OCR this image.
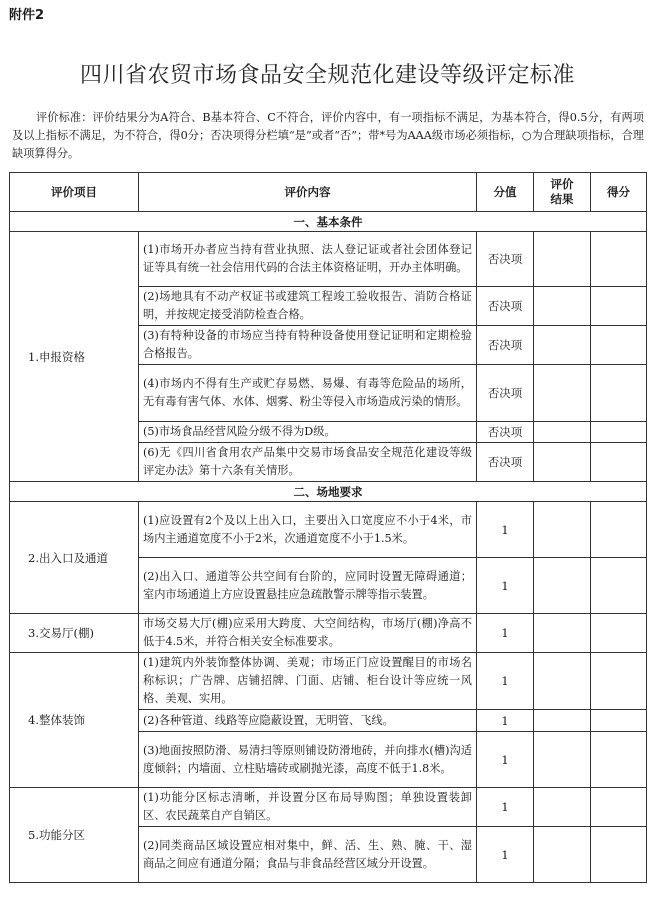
附件2
四川省农贸市场食品安全规范化建设等级评定标准
评价标准：评价结果分为A符合、B基本符合、C不符合，评价内容中，有一项指标不满足，为基本符合，得0.5分，有两项及以上指标不满足，为不符合，得0分；否决项得分栏填“是”或者“否”；带*号为AAA级市场必须指标，○为合理缺项指标，合理缺项算得分。
评价项目	评价内容	分值	评价结果	得分
一、基本条件				
1.申报资格	(1)市场开办者应当持有营业执照、法人登记证或者社会团体登记证等具有统一社会信用代码的合法主体资格证明，开办主体明确。	否决项		
	(2)场地具有不动产权证书或建筑工程竣工验收报告、消防合格证明，并按规定接受消防检查合格。	否决项		
	(3)有特种设备的市场应当持有特种设备使用登记证明和定期检验合格报告。	否决项		
	(4)市场内不得有生产或贮存易燃、易爆、有毒等危险品的场所，无有毒有害气体、水体、烟雾、粉尘等侵入市场造成污染的情形。	否决项		
	(5)市场食品经营风险分级不得为D级。	否决项		
	(6)无《四川省食用农产品集中交易市场食品安全规范化建设等级评定办法》第十六条有关情形。	否决项		
二、场地要求				
2.出入口及通道	(1)应设置有2个及以上出入口，主要出入口宽度应不小于4米，市场内主通道宽度不小于2米，次通道宽度不小于1.5米。	1		
	(2)出入口、通道等公共空间有台阶的，应同时设置无障碍通道；室内市场通道上方应设置悬挂应急疏散警示牌等指示装置。	1		
3.交易厅(棚)	市场交易大厅(棚)应采用大跨度、大空间结构，市场厅(棚)净高不低于4.5米，并符合相关安全标准要求。	1		
4.整体装饰	(1)建筑内外装饰整体协调、美观；市场正门应设置醒目的市场名称标识；广告牌、店铺招牌、门面、店铺、柜台设计等应统一风格、美观、实用。	1		
	(2)各种管道、线路等应隐蔽设置，无明管、飞线。	1		
	(3)地面按照防滑、易清扫等原则铺设防滑地砖，并向排水(槽)沟适度倾斜；内墙面、立柱贴墙砖或刷抛光漆，高度不低于1.8米。	1		
5.功能分区	(1)功能分区标志清晰，并设置分区布局导购图；单独设置装卸区、农民蔬菜自产自销区。	1		
	(2)同类商品区域设置应相对集中，鲜、活、生、熟、腌、干、湿商品之间应有通道分隔；食品与非食品经营区域分开设置。	1		
